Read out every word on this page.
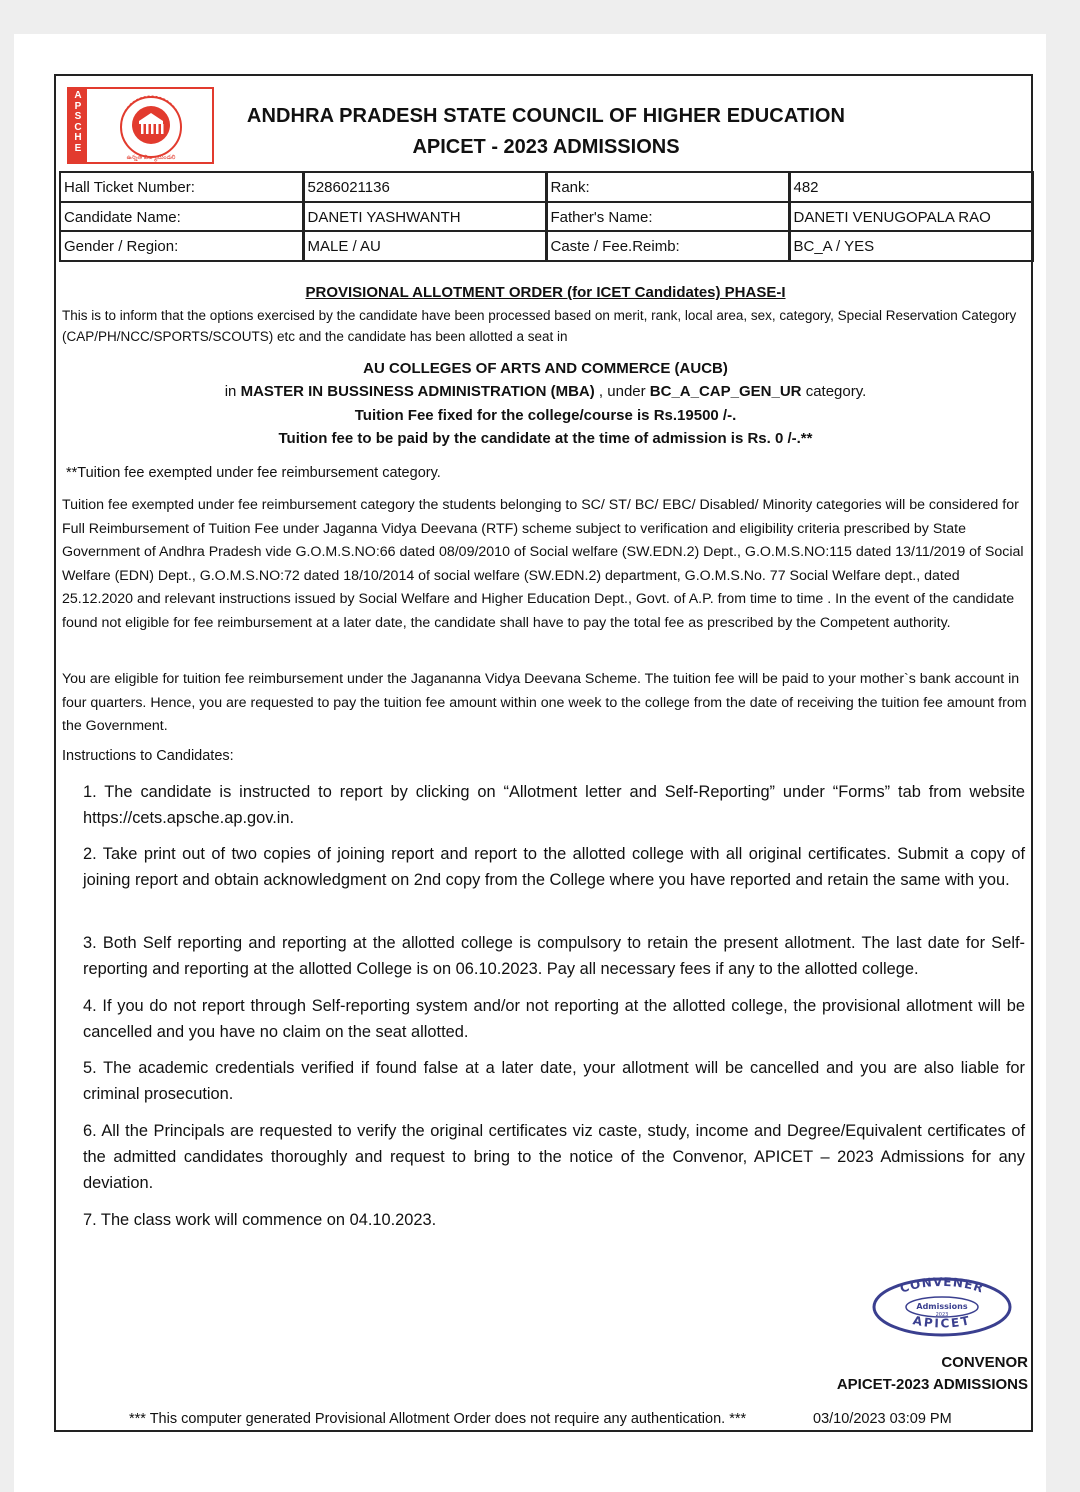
A
P
S
C
H
E
ఉన్నత విద్యామండలి
ANDHRA PRADESH STATE COUNCIL OF HIGHER EDUCATION
APICET - 2023 ADMISSIONS
Hall Ticket Number:	5286021136	Rank:	482
Candidate Name:	DANETI YASHWANTH	Father's Name:	DANETI VENUGOPALA RAO
Gender / Region:	MALE / AU	Caste / Fee.Reimb:	BC_A / YES
PROVISIONAL ALLOTMENT ORDER (for ICET Candidates) PHASE-I
This is to inform that the options exercised by the candidate have been processed based on merit, rank, local area, sex, category, Special Reservation Category (CAP/PH/NCC/SPORTS/SCOUTS) etc and the candidate has been allotted a seat in
AU COLLEGES OF ARTS AND COMMERCE (AUCB)
in MASTER IN BUSSINESS ADMINISTRATION (MBA) , under BC_A_CAP_GEN_UR category.
Tuition Fee fixed for the college/course is Rs.19500 /-.
Tuition fee to be paid by the candidate at the time of admission is Rs. 0 /-.**
**Tuition fee exempted under fee reimbursement category.
Tuition fee exempted under fee reimbursement category the students belonging to SC/ ST/ BC/ EBC/ Disabled/ Minority categories will be considered for Full Reimbursement of Tuition Fee under Jaganna Vidya Deevana (RTF) scheme subject to verification and eligibility criteria prescribed by State Government of Andhra Pradesh vide G.O.M.S.NO:66 dated 08/09/2010 of Social welfare (SW.EDN.2) Dept., G.O.M.S.NO:115 dated 13/11/2019 of Social Welfare (EDN) Dept., G.O.M.S.NO:72 dated 18/10/2014 of social welfare (SW.EDN.2) department, G.O.M.S.No. 77 Social Welfare dept., dated 25.12.2020 and relevant instructions issued by Social Welfare and Higher Education Dept., Govt. of A.P. from time to time . In the event of the candidate found not eligible for fee reimbursement at a later date, the candidate shall have to pay the total fee as prescribed by the Competent authority.
You are eligible for tuition fee reimbursement under the Jagananna Vidya Deevana Scheme. The tuition fee will be paid to your mother`s bank account in four quarters. Hence, you are requested to pay the tuition fee amount within one week to the college from the date of receiving the tuition fee amount from the Government.
Instructions to Candidates:
1. The candidate is instructed to report by clicking on “Allotment letter and Self-Reporting” under “Forms” tab from website https://cets.apsche.ap.gov.in.
2. Take print out of two copies of joining report and report to the allotted college with all original certificates. Submit a copy of joining report and obtain acknowledgment on 2nd copy from the College where you have reported and retain the same with you.
3. Both Self reporting and reporting at the allotted college is compulsory to retain the present allotment. The last date for Self-reporting and reporting at the allotted College is on 06.10.2023. Pay all necessary fees if any to the allotted college.
4. If you do not report through Self-reporting system and/or not reporting at the allotted college, the provisional allotment will be cancelled and you have no claim on the seat allotted.
5. The academic credentials verified if found false at a later date, your allotment will be cancelled and you are also liable for criminal prosecution.
6. All the Principals are requested to verify the original certificates viz caste, study, income and Degree/Equivalent certificates of the admitted candidates thoroughly and request to bring to the notice of the Convenor, APICET – 2023 Admissions for any deviation.
7. The class work will commence on 04.10.2023.
CONVENER
Admissions
2023
APICET
CONVENOR
APICET-2023 ADMISSIONS
*** This computer generated Provisional Allotment Order does not require any authentication. ***	03/10/2023 03:09 PM
